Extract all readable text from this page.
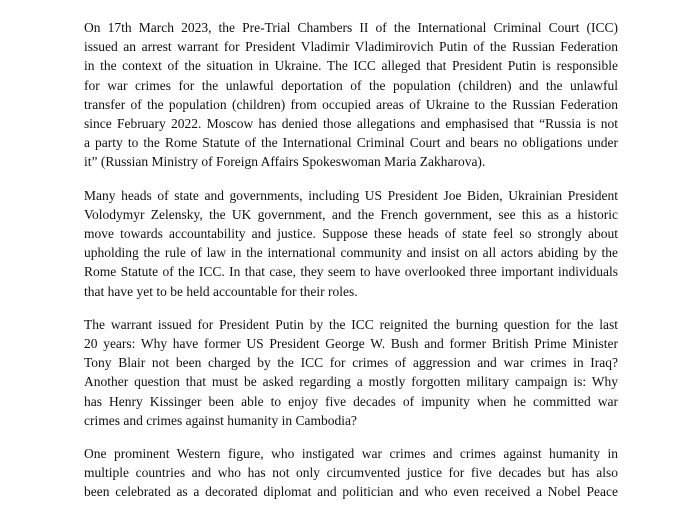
On 17th March 2023, the Pre-Trial Chambers II of the International Criminal Court (ICC)
issued an arrest warrant for President Vladimir Vladimirovich Putin of the Russian Federation
in the context of the situation in Ukraine. The ICC alleged that President Putin is responsible
for war crimes for the unlawful deportation of the population (children) and the unlawful
transfer of the population (children) from occupied areas of Ukraine to the Russian Federation
since February 2022. Moscow has denied those allegations and emphasised that “Russia is not
a party to the Rome Statute of the International Criminal Court and bears no obligations under
it” (Russian Ministry of Foreign Affairs Spokeswoman Maria Zakharova).
Many heads of state and governments, including US President Joe Biden, Ukrainian President
Volodymyr Zelensky, the UK government, and the French government, see this as a historic
move towards accountability and justice. Suppose these heads of state feel so strongly about
upholding the rule of law in the international community and insist on all actors abiding by the
Rome Statute of the ICC. In that case, they seem to have overlooked three important individuals
that have yet to be held accountable for their roles.
The warrant issued for President Putin by the ICC reignited the burning question for the last
20 years: Why have former US President George W. Bush and former British Prime Minister
Tony Blair not been charged by the ICC for crimes of aggression and war crimes in Iraq?
Another question that must be asked regarding a mostly forgotten military campaign is: Why
has Henry Kissinger been able to enjoy five decades of impunity when he committed war
crimes and crimes against humanity in Cambodia?
One prominent Western figure, who instigated war crimes and crimes against humanity in
multiple countries and who has not only circumvented justice for five decades but has also
been celebrated as a decorated diplomat and politician and who even received a Nobel Peace
